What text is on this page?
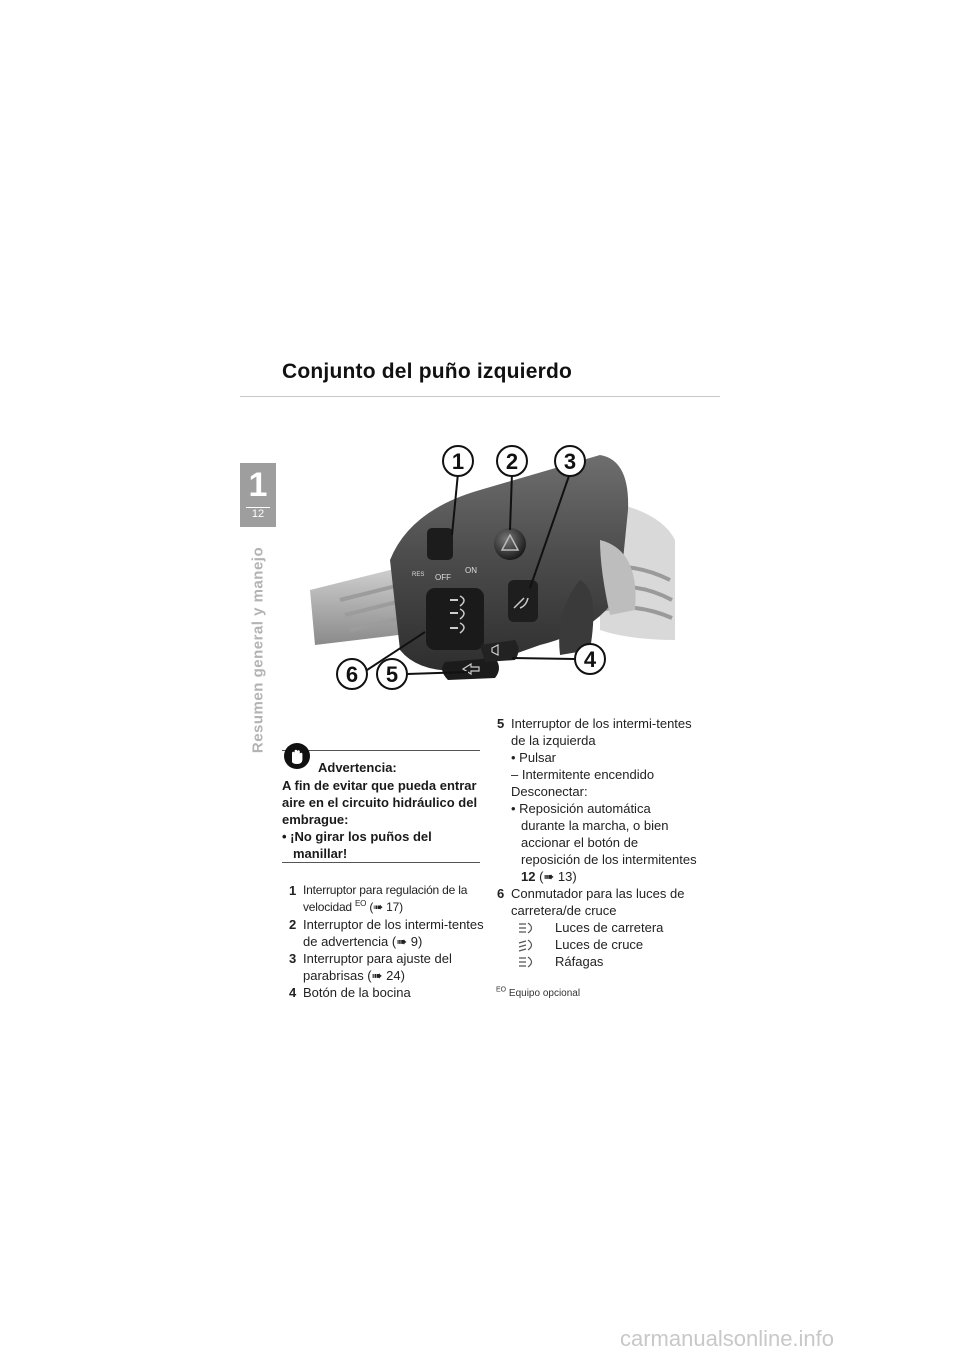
Conjunto del puño izquierdo
1
12
Resumen general y manejo	OFF
ON
RES
1 2 3
4
5
6
Advertencia:

A fin de evitar que pueda entrar aire en el circuito hidráulico del embrague:

• ¡No girar los puños del manillar!

1 Interruptor para regulación de la velocidad $^{EO}$ (➠ 17)
2 Interruptor de los intermi-tentes de advertencia (➠ 9)
3 Interruptor para ajuste del parabrisas (➠ 24)
4 Botón de la bocina
5 Interruptor de los intermi-tentes de la izquierda

• Pulsar

– Intermitente encendido

Desconectar:

• Reposición automática durante la marcha, o bien accionar el botón de reposición de los intermitentes 12 (➠ 13)

6 Conmutador para las luces de carretera/de cruce

Luces de carretera
Luces de cruce
Ráfagas
$^{EO}$ Equipo opcional
carmanualsonline.info
